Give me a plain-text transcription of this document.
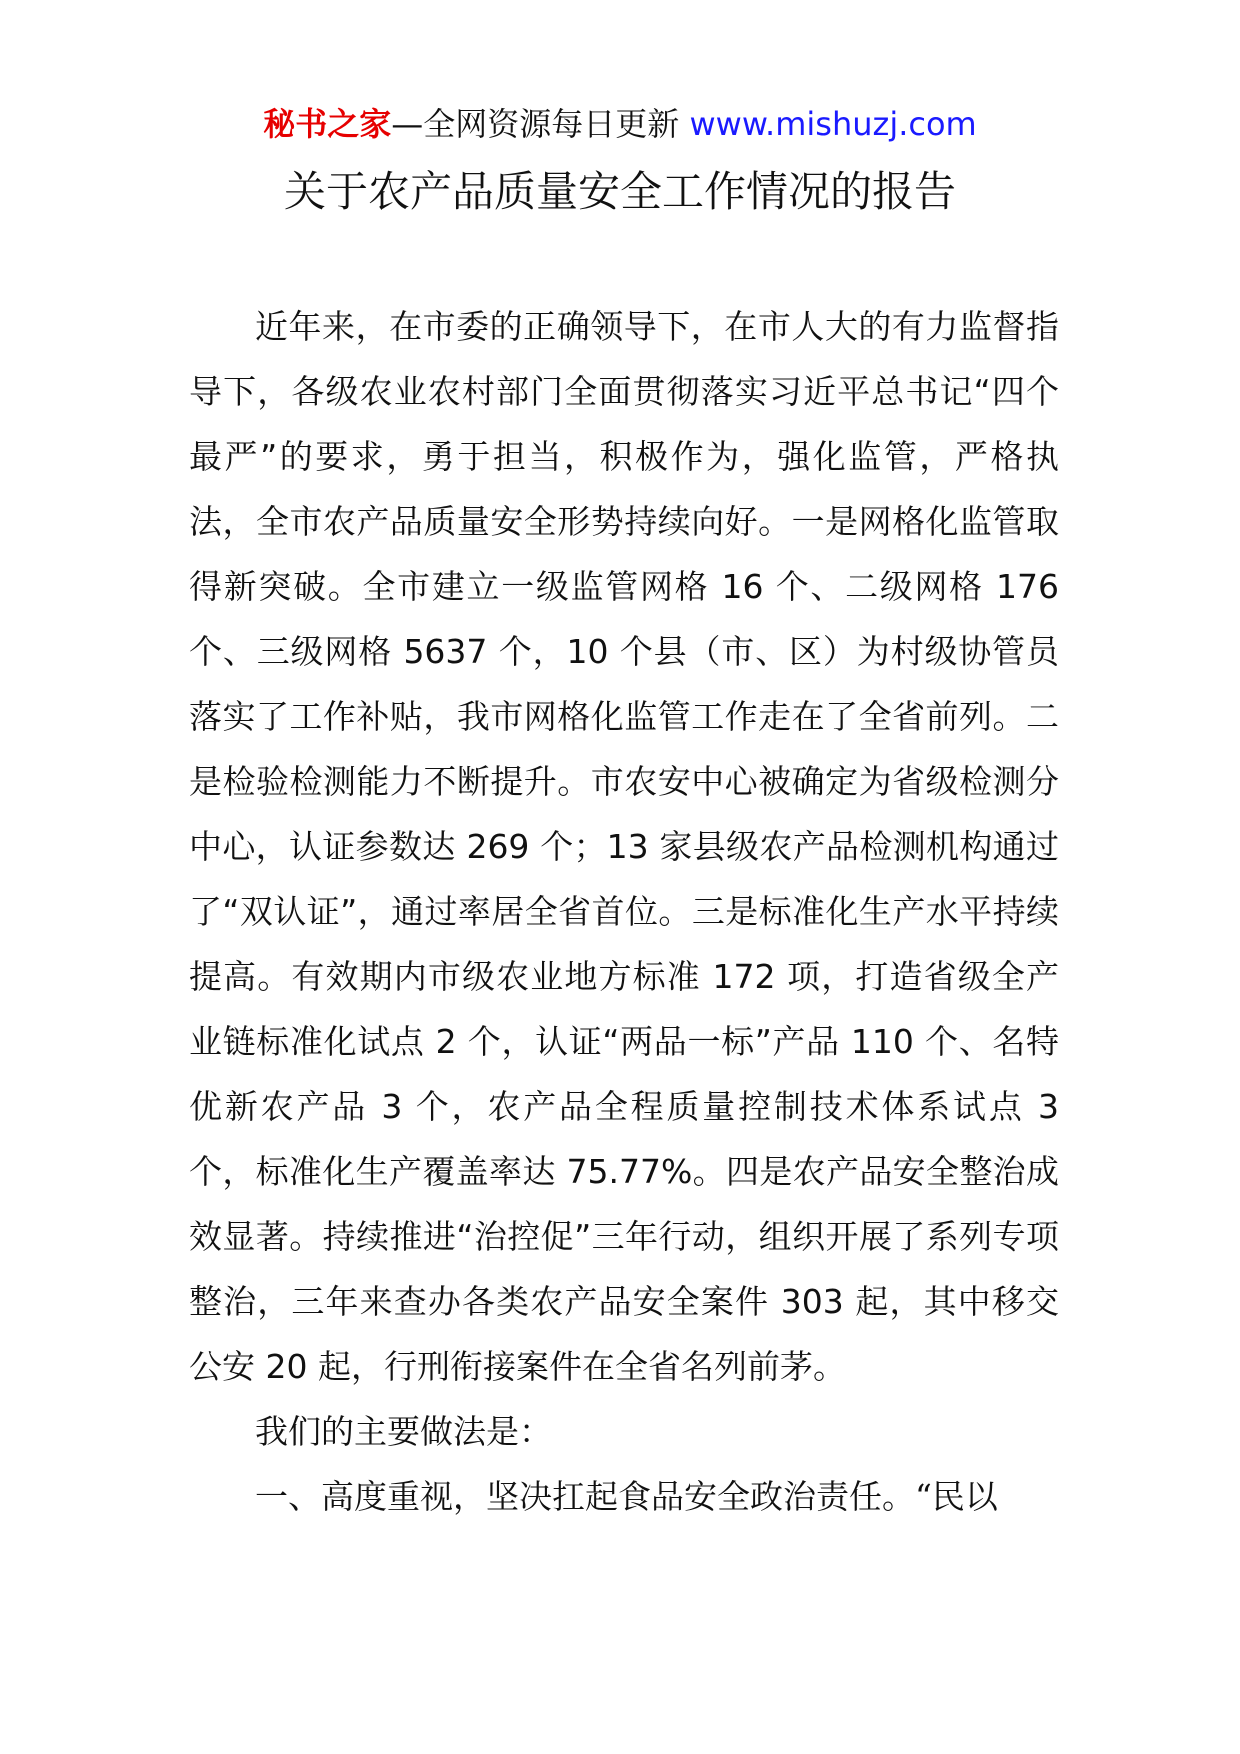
秘书之家—全网资源每日更新 www.mishuzj.com
关于农产品质量安全工作情况的报告

近年来，在市委的正确领导下，在市人大的有力监督指导下，各级农业农村部门全面贯彻落实习近平总书记“四个最严”的要求，勇于担当，积极作为，强化监管，严格执法，全市农产品质量安全形势持续向好。一是网格化监管取得新突破。全市建立一级监管网格 16 个、二级网格 176 个、三级网格 5637 个，10 个县（市、区）为村级协管员落实了工作补贴，我市网格化监管工作走在了全省前列。二是检验检测能力不断提升。市农安中心被确定为省级检测分中心，认证参数达 269 个；13 家县级农产品检测机构通过了“双认证”，通过率居全省首位。三是标准化生产水平持续提高。有效期内市级农业地方标准 172 项，打造省级全产业链标准化试点 2 个，认证“两品一标”产品 110 个、名特优新农产品 3 个，农产品全程质量控制技术体系试点 3 个，标准化生产覆盖率达 75.77%。四是农产品安全整治成效显著。持续推进“治控促”三年行动，组织开展了系列专项整治，三年来查办各类农产品安全案件 303 起，其中移交公安 20 起，行刑衔接案件在全省名列前茅。

我们的主要做法是：

一、高度重视，坚决扛起食品安全政治责任。“民以
